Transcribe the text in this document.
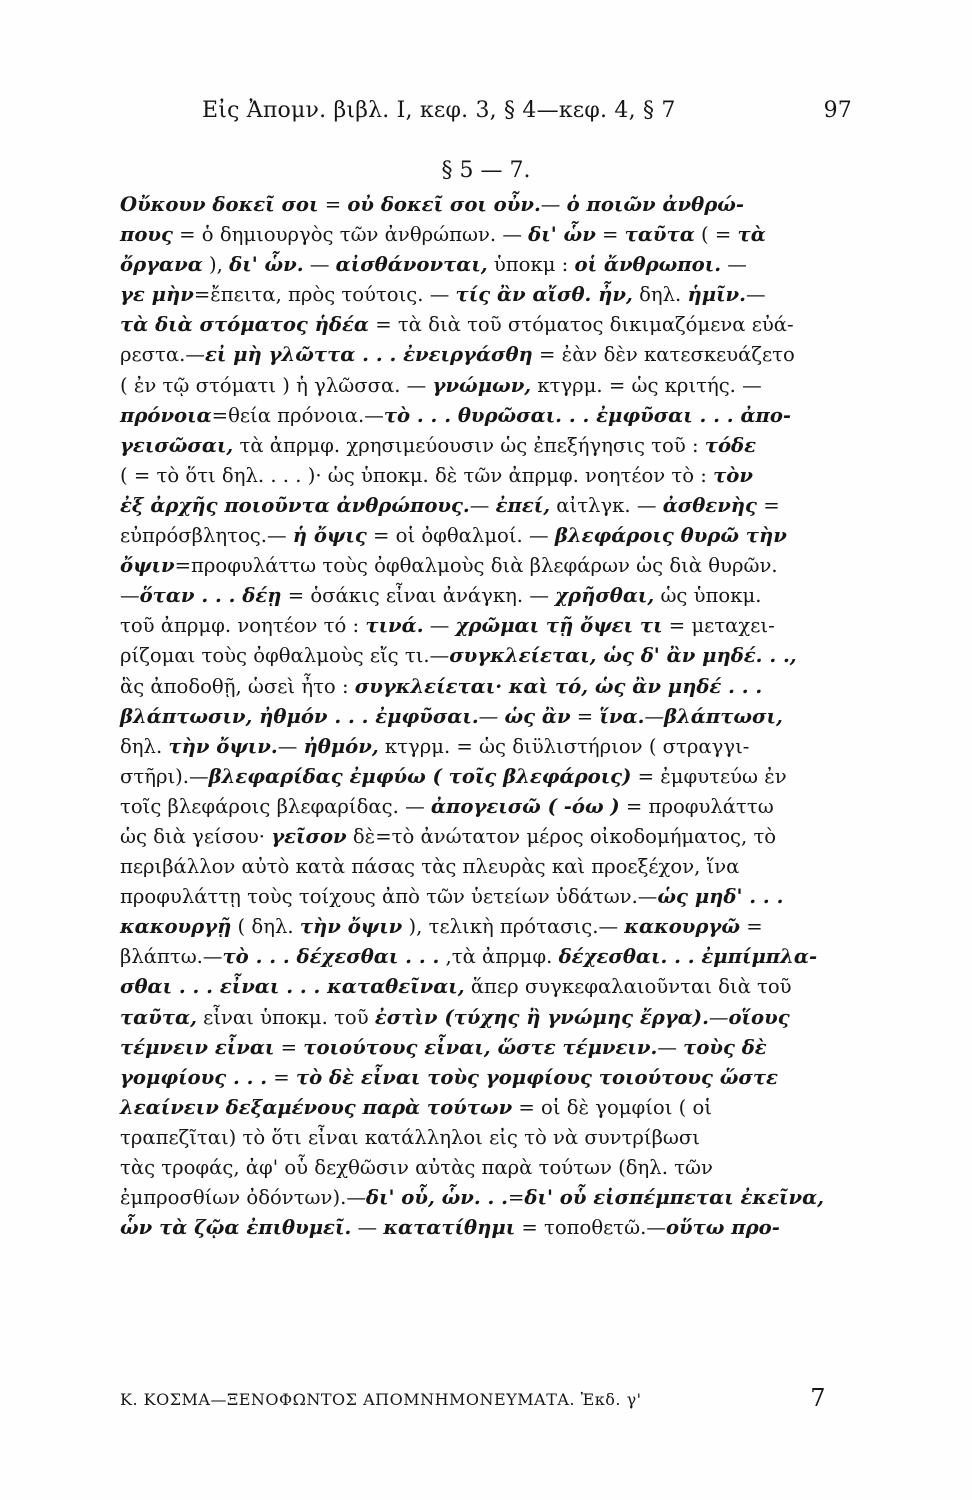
Εἰς Ἀπομν. βιβλ. Ι, κεφ. 3, § 4—κεφ. 4, § 7	97
§ 5 — 7.
Οὔκουν δοκεῖ σοι = οὐ δοκεῖ σοι οὖν.— ὁ ποιῶν ἀνθρώ-
πους = ὁ δημιουργὸς τῶν ἀνθρώπων. — δι' ὧν = ταῦτα ( = τὰ
ὄργανα ), δι' ὧν. — αἰσθάνονται, ὑποκμ : οἱ ἄνθρωποι. —
γε μὴν=ἔπειτα, πρὸς τούτοις. — τίς ἂν αἴσθ. ἦν, δηλ. ἡμῖν.—
τὰ διὰ στόματος ἡδέα = τὰ διὰ τοῦ στόματος δικιμαζόμενα εὐά-
ρεστα.—εἰ μὴ γλῶττα . . . ἐνειργάσθη = ἐὰν δὲν κατεσκευάζετο
( ἐν τῷ στόματι ) ἡ γλῶσσα. — γνώμων, κτγρμ. = ὡς κριτής. —
πρόνοια=θεία πρόνοια.—τὸ . . . θυρῶσαι. . . ἐμφῦσαι . . . ἀπο-
γεισῶσαι, τὰ ἀπρμφ. χρησιμεύουσιν ὡς ἐπεξήγησις τοῦ : τόδε
( = τὸ ὅτι δηλ. . . . )· ὡς ὑποκμ. δὲ τῶν ἀπρμφ. νοητέον τὸ : τὸν
ἐξ ἀρχῆς ποιοῦντα ἀνθρώπους.— ἐπεί, αἰτλγκ. — ἀσθενὴς =
εὐπρόσβλητος.— ἡ ὄψις = οἱ ὀφθαλμοί. — βλεφάροις θυρῶ τὴν
ὄψιν=προφυλάττω τοὺς ὀφθαλμοὺς διὰ βλεφάρων ὡς διὰ θυρῶν.
—ὅταν . . . δέῃ = ὁσάκις εἶναι ἀνάγκη. — χρῆσθαι, ὡς ὑποκμ.
τοῦ ἀπρμφ. νοητέον τό : τινά. — χρῶμαι τῇ ὄψει τι = μεταχει-
ρίζομαι τοὺς ὀφθαλμοὺς εἴς τι.—συγκλείεται, ὡς δ' ἂν μηδέ. . .,
ἃς ἀποδοθῇ, ὡσεὶ ἦτο : συγκλείεται· καὶ τό, ὡς ἂν μηδέ . . .
βλάπτωσιν, ἠθμόν . . . ἐμφῦσαι.— ὡς ἂν = ἵνα.—βλάπτωσι,
δηλ. τὴν ὄψιν.— ἠθμόν, κτγρμ. = ὡς διϋλιστήριον ( στραγγι-
στῆρι).—βλεφαρίδας ἐμφύω ( τοῖς βλεφάροις) = ἐμφυτεύω ἐν
τοῖς βλεφάροις βλεφαρίδας. — ἀπογεισῶ ( -όω ) = προφυλάττω
ὡς διὰ γείσου· γεῖσον δὲ=τὸ ἀνώτατον μέρος οἰκοδομήματος, τὸ
περιβάλλον αὐτὸ κατὰ πάσας τὰς πλευρὰς καὶ προεξέχον, ἵνα
προφυλάττῃ τοὺς τοίχους ἀπὸ τῶν ὑετείων ὑδάτων.—ὡς μηδ' . . .
κακουργῇ ( δηλ. τὴν ὄψιν ), τελικὴ πρότασις.— κακουργῶ =
βλάπτω.—τὸ . . . δέχεσθαι . . . ,τὰ ἀπρμφ. δέχεσθαι. . . ἐμπίμπλα-
σθαι . . . εἶναι . . . καταθεῖναι, ἅπερ συγκεφαλαιοῦνται διὰ τοῦ
ταῦτα, εἶναι ὑποκμ. τοῦ ἐστὶν (τύχης ἢ γνώμης ἔργα).—οἵους
τέμνειν εἶναι = τοιούτους εἶναι, ὥστε τέμνειν.— τοὺς δὲ
γομφίους . . . = τὸ δὲ εἶναι τοὺς γομφίους τοιούτους ὥστε
λεαίνειν δεξαμένους παρὰ τούτων = οἱ δὲ γομφίοι ( οἱ
τραπεζῖται) τὸ ὅτι εἶναι κατάλληλοι εἰς τὸ νὰ συντρίβωσι
τὰς τροφάς, ἀφ' οὗ δεχθῶσιν αὐτὰς παρὰ τούτων (δηλ. τῶν
ἐμπροσθίων ὀδόντων).—δι' οὗ, ὧν. . .=δι' οὗ εἰσπέμπεται ἐκεῖνα,
ὧν τὰ ζῷα ἐπιθυμεῖ. — κατατίθημι = τοποθετῶ.—οὕτω προ-
Κ. ΚΟΣΜΑ—ΞΕΝΟΦΩΝΤΟΣ ΑΠΟΜΝΗΜΟΝΕΥΜΑΤΑ. Ἐκδ. γ'	7
